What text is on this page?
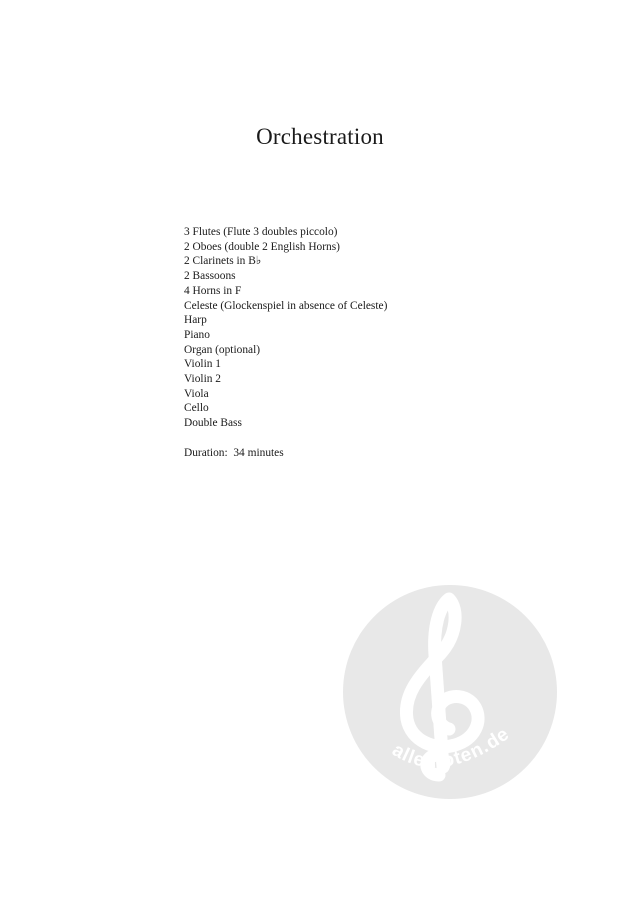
Orchestration
3 Flutes (Flute 3 doubles piccolo)
2 Oboes (double 2 English Horns)
2 Clarinets in B♭
2 Bassoons
4 Horns in F
Celeste (Glockenspiel in absence of Celeste)
Harp
Piano
Organ (optional)
Violin 1
Violin 2
Viola
Cello
Double Bass
Duration: 34 minutes
alle-noten.de
